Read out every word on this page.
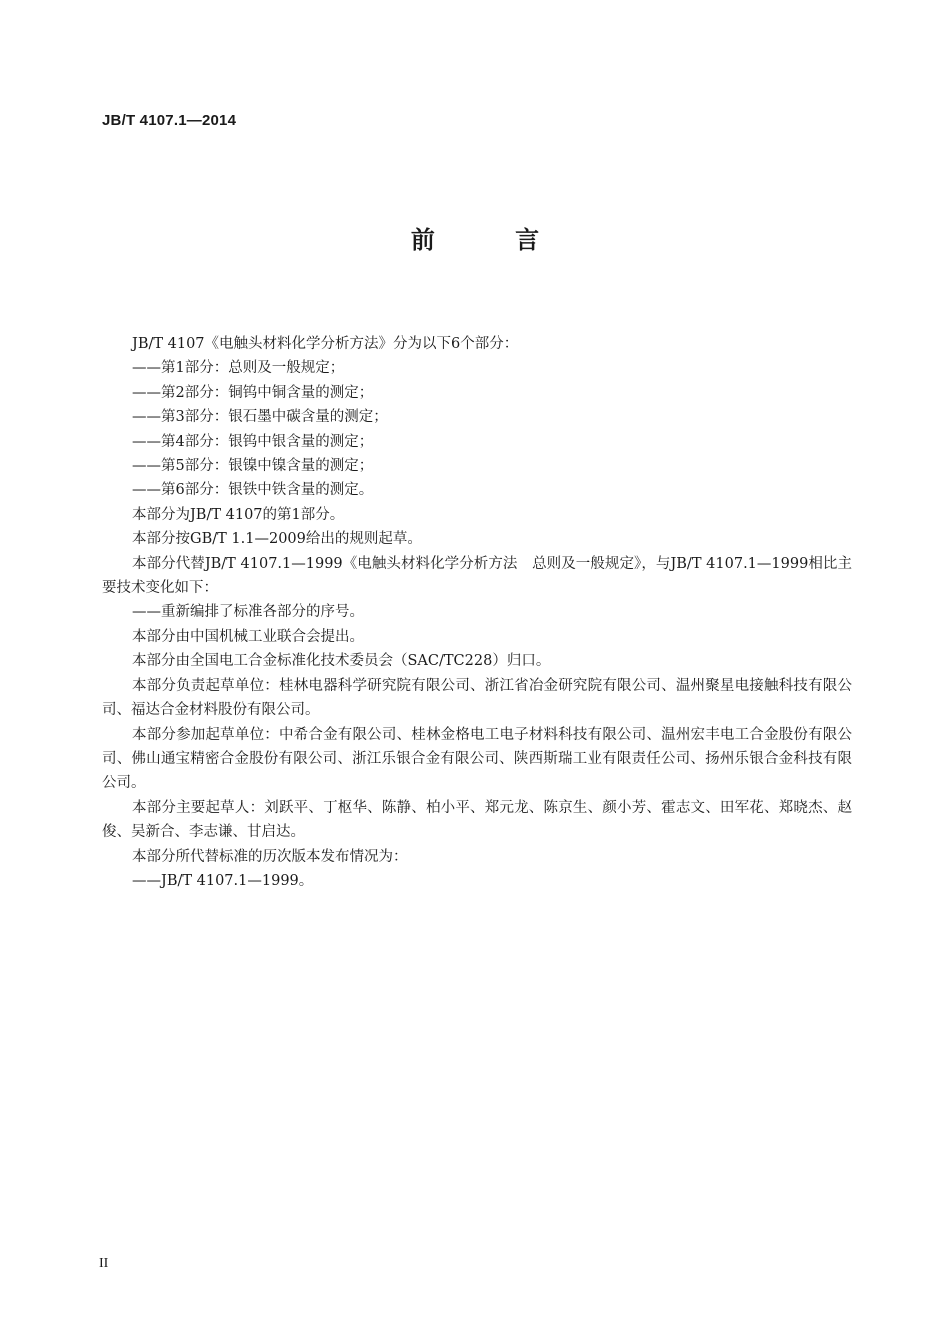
JB/T 4107.1—2014
前 言

JB/T 4107《电触头材料化学分析方法》分为以下6个部分：

——第1部分：总则及一般规定；

——第2部分：铜钨中铜含量的测定；

——第3部分：银石墨中碳含量的测定；

——第4部分：银钨中银含量的测定；

——第5部分：银镍中镍含量的测定；

——第6部分：银铁中铁含量的测定。

本部分为JB/T 4107的第1部分。

本部分按GB/T 1.1—2009给出的规则起草。

本部分代替JB/T 4107.1—1999《电触头材料化学分析方法　总则及一般规定》，与JB/T 4107.1—1999相比主要技术变化如下：

——重新编排了标准各部分的序号。

本部分由中国机械工业联合会提出。

本部分由全国电工合金标准化技术委员会（SAC/TC228）归口。

本部分负责起草单位：桂林电器科学研究院有限公司、浙江省冶金研究院有限公司、温州聚星电接触科技有限公司、福达合金材料股份有限公司。

本部分参加起草单位：中希合金有限公司、桂林金格电工电子材料科技有限公司、温州宏丰电工合金股份有限公司、佛山通宝精密合金股份有限公司、浙江乐银合金有限公司、陕西斯瑞工业有限责任公司、扬州乐银合金科技有限公司。

本部分主要起草人：刘跃平、丁枢华、陈静、柏小平、郑元龙、陈京生、颜小芳、霍志文、田军花、郑晓杰、赵俊、吴新合、李志谦、甘启达。

本部分所代替标准的历次版本发布情况为：

——JB/T 4107.1—1999。

II
